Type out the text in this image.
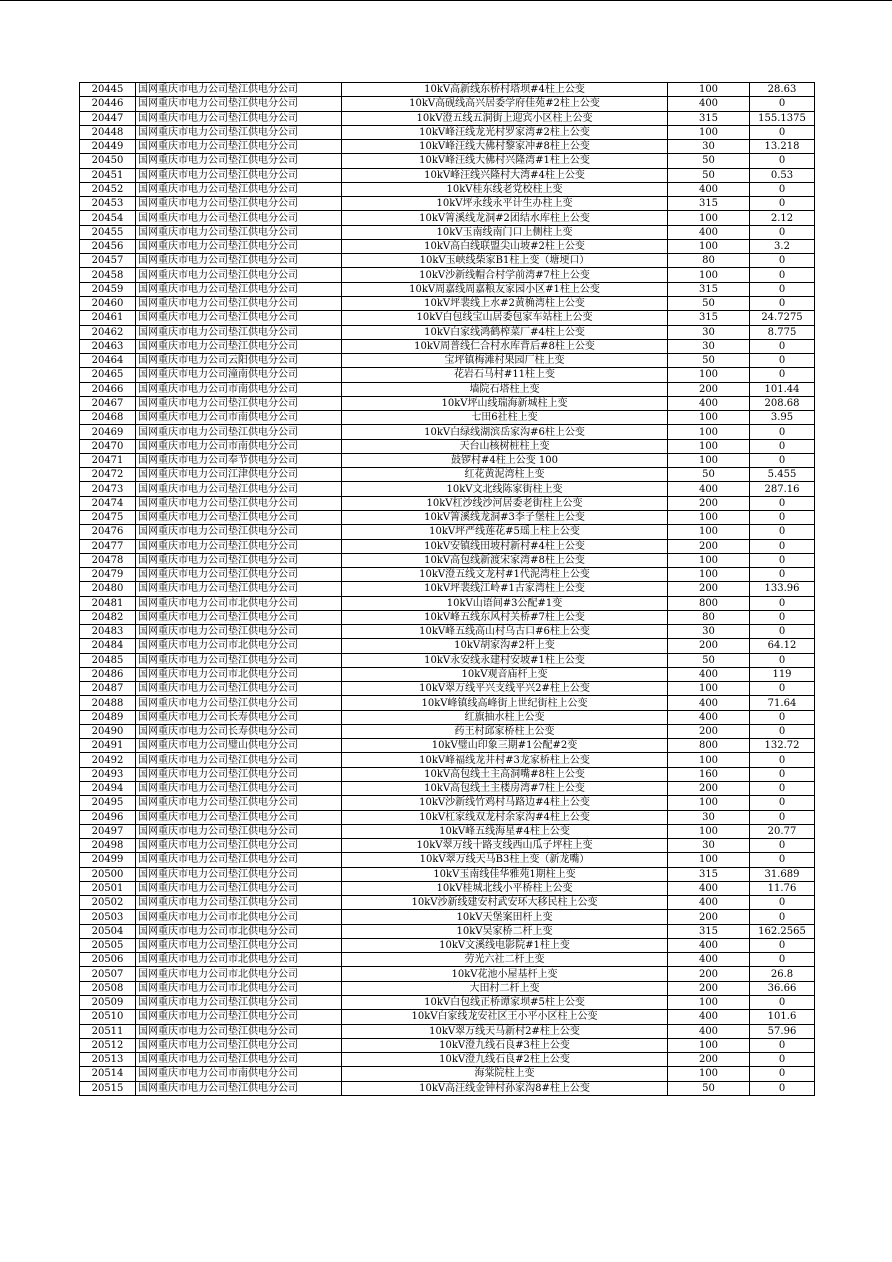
20445	国网重庆市电力公司垫江供电分公司	10kV高新线东桥村塔坝#4柱上公变	100	28.63
20446	国网重庆市电力公司垫江供电分公司	10kV高砚线高兴居委学府佳苑#2柱上公变	400	0
20447	国网重庆市电力公司垫江供电分公司	10kV澄五线五洞街上迎宾小区柱上公变	315	155.1375
20448	国网重庆市电力公司垫江供电分公司	10kV峰汪线龙光村罗家湾#2柱上公变	100	0
20449	国网重庆市电力公司垫江供电分公司	10kV峰汪线大佛村黎家冲#8柱上公变	30	13.218
20450	国网重庆市电力公司垫江供电分公司	10kV峰汪线大佛村兴隆湾#1柱上公变	50	0
20451	国网重庆市电力公司垫江供电分公司	10kV峰汪线兴隆村大湾#4柱上公变	50	0.53
20452	国网重庆市电力公司垫江供电分公司	10kV桂东线老党校柱上变	400	0
20453	国网重庆市电力公司垫江供电分公司	10kV坪永线永平计生办柱上变	315	0
20454	国网重庆市电力公司垫江供电分公司	10kV箐溪线龙洞#2团结水库柱上公变	100	2.12
20455	国网重庆市电力公司垫江供电分公司	10kV玉南线南门口上侧柱上变	400	0
20456	国网重庆市电力公司垫江供电分公司	10kV高白线联盟尖山坡#2柱上公变	100	3.2
20457	国网重庆市电力公司垫江供电分公司	10kV玉峡线柴家B1柱上变（塘埂口）	80	0
20458	国网重庆市电力公司垫江供电分公司	10kV沙新线帽合村学前湾#7柱上公变	100	0
20459	国网重庆市电力公司垫江供电分公司	10kV周嘉线周嘉粮友家园小区#1柱上公变	315	0
20460	国网重庆市电力公司垫江供电分公司	10kV坪裴线上水#2黄桷湾柱上公变	50	0
20461	国网重庆市电力公司垫江供电分公司	10kV白包线宝山居委包家车站柱上公变	315	24.7275
20462	国网重庆市电力公司垫江供电分公司	10kV白家线鸿鹤榨菜厂#4柱上公变	30	8.775
20463	国网重庆市电力公司垫江供电分公司	10kV周普线仁合村水库背后#8柱上公变	30	0
20464	国网重庆市电力公司云阳供电分公司	宝坪镇梅滩村果园厂柱上变	50	0
20465	国网重庆市电力公司潼南供电分公司	花岩石马村#11柱上变	100	0
20466	国网重庆市电力公司市南供电分公司	墙院石塔柱上变	200	101.44
20467	国网重庆市电力公司垫江供电分公司	10kV坪山线瑞海新城柱上变	400	208.68
20468	国网重庆市电力公司市南供电分公司	七田6社柱上变	100	3.95
20469	国网重庆市电力公司垫江供电分公司	10kV白绿线湖滨岳家沟#6柱上公变	100	0
20470	国网重庆市电力公司市南供电分公司	天台山核树桩柱上变	100	0
20471	国网重庆市电力公司奉节供电分公司	鼓锣村#4柱上公变 100	100	0
20472	国网重庆市电力公司江津供电分公司	红花黄泥湾柱上变	50	5.455
20473	国网重庆市电力公司垫江供电分公司	10kV文北线陈家街柱上变	400	287.16
20474	国网重庆市电力公司垫江供电分公司	10kV杠沙线沙河居委老街柱上公变	200	0
20475	国网重庆市电力公司垫江供电分公司	10kV箐溪线龙洞#3李子堡柱上公变	100	0
20476	国网重庆市电力公司垫江供电分公司	10kV坪严线莲花#5瑶上柱上公变	100	0
20477	国网重庆市电力公司垫江供电分公司	10kV安镇线田坡村新村#4柱上公变	200	0
20478	国网重庆市电力公司垫江供电分公司	10kV高包线新渡宋家湾#8柱上公变	100	0
20479	国网重庆市电力公司垫江供电分公司	10kV澄五线文龙村#1代泥湾柱上公变	100	0
20480	国网重庆市电力公司垫江供电分公司	10kV坪裴线江岭#1古家湾柱上公变	200	133.96
20481	国网重庆市电力公司市北供电分公司	10kV山语间#3公配#1变	800	0
20482	国网重庆市电力公司垫江供电分公司	10kV峰五线东风村关桥#7柱上公变	80	0
20483	国网重庆市电力公司垫江供电分公司	10kV峰五线高山村乌古口#6柱上公变	30	0
20484	国网重庆市电力公司市北供电分公司	10kV胡家沟#2杆上变	200	64.12
20485	国网重庆市电力公司垫江供电分公司	10kV永安线永建村安坡#1柱上公变	50	0
20486	国网重庆市电力公司市北供电分公司	10kV观音庙杆上变	400	119
20487	国网重庆市电力公司垫江供电分公司	10kV翠万线平兴支线平兴2#柱上公变	100	0
20488	国网重庆市电力公司垫江供电分公司	10kV峰镇线高峰街上世纪街柱上公变	400	71.64
20489	国网重庆市电力公司长寿供电分公司	红旗抽水柱上公变	400	0
20490	国网重庆市电力公司长寿供电分公司	药王村邱家桥柱上公变	200	0
20491	国网重庆市电力公司璧山供电分公司	10kV璧山印象三期#1公配#2变	800	132.72
20492	国网重庆市电力公司垫江供电分公司	10kV峰福线龙井村#3龙家桥柱上公变	100	0
20493	国网重庆市电力公司垫江供电分公司	10kV高包线土主高洞嘴#8柱上公变	160	0
20494	国网重庆市电力公司垫江供电分公司	10kV高包线土主楼房湾#7柱上公变	200	0
20495	国网重庆市电力公司垫江供电分公司	10kV沙新线竹鸡村马路边#4柱上公变	100	0
20496	国网重庆市电力公司垫江供电分公司	10kV杠家线双龙村余家沟#4柱上公变	30	0
20497	国网重庆市电力公司垫江供电分公司	10kV峰五线海星#4柱上公变	100	20.77
20498	国网重庆市电力公司垫江供电分公司	10kV翠万线十路支线西山瓜子坪柱上变	30	0
20499	国网重庆市电力公司垫江供电分公司	10kV翠万线天马B3柱上变（新龙嘴）	100	0
20500	国网重庆市电力公司垫江供电分公司	10kV玉南线佳华雅苑1期柱上变	315	31.689
20501	国网重庆市电力公司垫江供电分公司	10kV桂城北线小平桥柱上公变	400	11.76
20502	国网重庆市电力公司垫江供电分公司	10kV沙新线建安村武安环大移民柱上公变	400	0
20503	国网重庆市电力公司市北供电分公司	10kV天堡案田杆上变	200	0
20504	国网重庆市电力公司市北供电分公司	10kV吴家桥二杆上变	315	162.2565
20505	国网重庆市电力公司垫江供电分公司	10kV文溪线电影院#1柱上变	400	0
20506	国网重庆市电力公司市北供电分公司	劳光六社二杆上变	400	0
20507	国网重庆市电力公司市北供电分公司	10kV花池小屋基杆上变	200	26.8
20508	国网重庆市电力公司市北供电分公司	大田村二杆上变	200	36.66
20509	国网重庆市电力公司垫江供电分公司	10kV白包线正桥谭家坝#5柱上公变	100	0
20510	国网重庆市电力公司垫江供电分公司	10kV白家线龙安社区王小平小区柱上公变	400	101.6
20511	国网重庆市电力公司垫江供电分公司	10kV翠万线天马新村2#柱上公变	400	57.96
20512	国网重庆市电力公司垫江供电分公司	10kV澄九线石良#3柱上公变	100	0
20513	国网重庆市电力公司垫江供电分公司	10kV澄九线石良#2柱上公变	200	0
20514	国网重庆市电力公司市南供电分公司	海棠院柱上变	100	0
20515	国网重庆市电力公司垫江供电分公司	10kV高汪线金钟村孙家沟8#柱上公变	50	0
